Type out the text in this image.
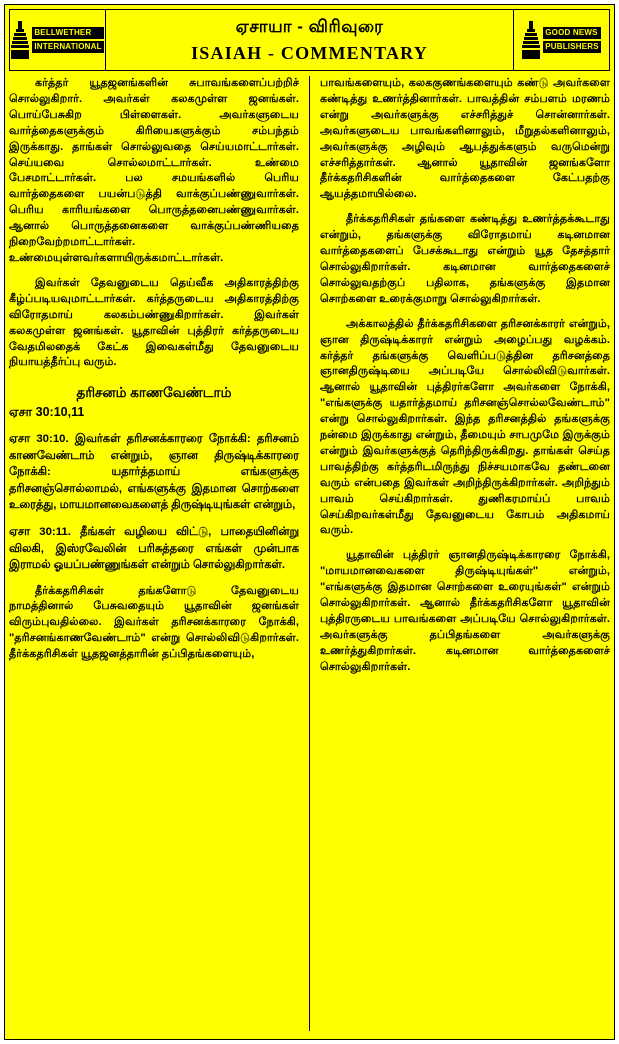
BELLWETHER
INTERNATIONAL
ஏசாயா - விரிவுரை
ISAIAH - COMMENTARY
GOOD NEWS
PUBLISHERS

கர்த்தர் யூதஜனங்களின் சுபாவங்களைப்பற்றிச் சொல்லுகிறார். அவர்கள் கலகமுள்ள ஜனங்கள். பொய்பேசுகிற பிள்ளைகள். அவர்களுடைய வார்த்தைகளுக்கும் கிரியைகளுக்கும் சம்பந்தம் இருக்காது. தாங்கள் சொல்லுவதை செய்யமாட்டார்கள். செய்யவை சொல்லமாட்டார்கள். உண்மை பேசமாட்டார்கள். பல சமயங்களில் பெரிய வார்த்தைகளை பயன்படுத்தி வாக்குப்பண்ணுவார்கள். பெரிய காரியங்களை பொருத்தனைபண்ணுவார்கள். ஆனால் பொருத்தனைகளை வாக்குப்பண்ணியதை நிறைவேற்றமாட்டார்கள். உண்மையுள்ளவர்களாயிருக்கமாட்டார்கள்.

இவர்கள் தேவனுடைய தெய்வீக அதிகாரத்திற்கு கீழ்ப்படியவுமாட்டார்கள். கர்த்தருடைய அதிகாரத்திற்கு விரோதமாய் கலகம்பண்ணுகிறார்கள். இவர்கள் கலகமுள்ள ஜனங்கள். யூதாவின் புத்திரர் கர்த்தருடைய வேதமிலதைக் கேட்க இவைகள்மீது தேவனுடைய நியாயத்தீர்ப்பு வரும்.

தரிசனம் காணவேண்டாம்
ஏசா 30:10,11

ஏசா 30:10. இவர்கள் தரிசனக்காரரை நோக்கி: தரிசனம் காணவேண்டாம் என்றும், ஞான திருஷ்டிக்காரரை நோக்கி: யதார்த்தமாய் எங்களுக்கு தரிசனஞ்சொல்லாமல், எங்களுக்கு இதமான சொற்களை உரைத்து, மாயமானவைகளைத் திருஷ்டியுங்கள் என்றும்,

ஏசா 30:11. தீங்கள் வழியை விட்டு, பாதையினின்று விலகி, இஸ்ரவேலின் பரிசுத்தரை எங்கள் முன்பாக இராமல் ஓயப்பண்ணுங்கள் என்றும் சொல்லுகிறார்கள்.

தீர்க்கதரிசிகள் தங்களோடு தேவனுடைய நாமத்தினால் பேசுவதையும் யூதாவின் ஜனங்கள் விரும்புவதில்லை. இவர்கள் தரிசனக்காரரை நோக்கி, "தரிசனங்காணவேண்டாம்" என்று சொல்லிவிடுகிறார்கள். தீர்க்கதரிசிகள் யூதஜனத்தாரின் தப்பிதங்களையும்,

பாவங்களையும், கலககுணங்களையும் கண்டு அவர்களை கண்டித்து உணர்த்தினார்கள். பாவத்தின் சம்பளம் மரணம் என்று அவர்களுக்கு எச்சரித்துச் சொன்னார்கள். அவர்களுடைய பாவங்களினாலும், மீறுதல்களினாலும், அவர்களுக்கு அழிவும் ஆபத்துக்களும் வருமென்று எச்சரித்தார்கள். ஆனால் யூதாவின் ஜனங்களோ தீர்க்கதரிசிகளின் வார்த்தைகளை கேட்பதற்கு ஆயத்தமாயில்லை.

தீர்க்கதரிசிகள் தங்களை கண்டித்து உணர்த்தக்கூடாது என்றும், தங்களுக்கு விரோதமாய் கடினமான வார்த்தைகளைப் பேசக்கூடாது என்றும் யூத தேசத்தார் சொல்லுகிறார்கள். கடினமான வார்த்தைகளைச் சொல்லுவதற்குப் பதிலாக, தங்களுக்கு இதமான சொற்களை உரைக்குமாறு சொல்லுகிறார்கள்.

அக்காலத்தில் தீர்க்கதரிசிகளை தரிசனக்காரர் என்றும், ஞான திருஷ்டிக்காரர் என்றும் அழைப்பது வழக்கம். கர்த்தர் தங்களுக்கு வெளிப்படுத்தின தரிசனத்தை ஞானதிருஷ்டியை அப்படியே சொல்லிவிடுவார்கள். ஆனால் யூதாவின் புத்திரர்களோ அவர்களை நோக்கி, "எங்களுக்கு யதார்த்தமாய் தரிசனஞ்சொல்லவேண்டாம்" என்று சொல்லுகிறார்கள். இந்த தரிசனத்தில் தங்களுக்கு நன்மை இருக்காது என்றும், தீமையும் சாபமுமே இருக்கும் என்றும் இவர்களுக்குத் தெரிந்திருக்கிறது. தாங்கள் செய்த பாவத்திற்கு கர்த்தரிடமிருந்து நிச்சயமாகவே தண்டனை வரும் என்பதை இவர்கள் அறிந்திருக்கிறார்கள். அறிந்தும் பாவம் செய்கிறார்கள். துணிகரமாய்ப் பாவம் செய்கிறவர்கள்மீது தேவனுடைய கோபம் அதிகமாய் வரும்.

யூதாவின் புத்திரர் ஞானதிருஷ்டிக்காரரை நோக்கி, "மாயமானவைகளை திருஷ்டியுங்கள்" என்றும், "எங்களுக்கு இதமான சொற்களை உரையுங்கள்" என்றும் சொல்லுகிறார்கள். ஆனால் தீர்க்கதரிசிகளோ யூதாவின் புத்திரருடைய பாவங்களை அப்படியே சொல்லுகிறார்கள். அவர்களுக்கு தப்பிதங்களை அவர்களுக்கு உணர்த்துகிறார்கள். கடினமான வார்த்தைகளைச் சொல்லுகிறார்கள்.
